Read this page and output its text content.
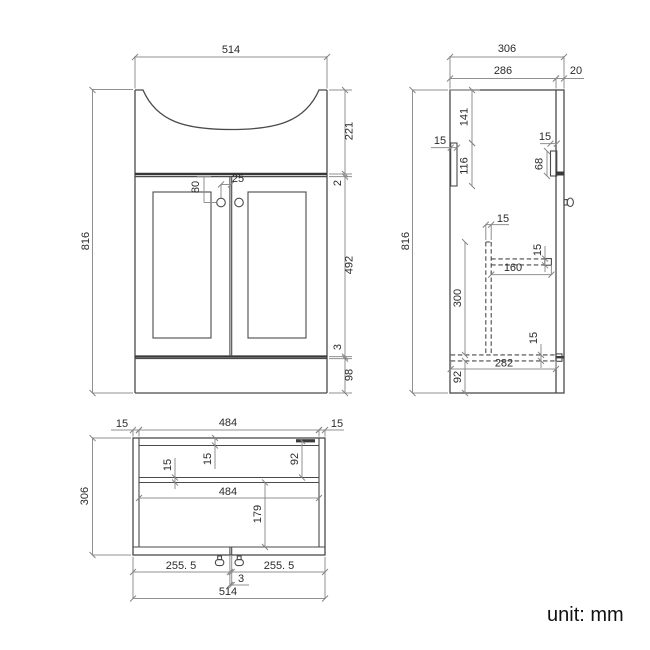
514
816
221
2
492
3
98
80
25
306
286	20
816
141
15
116
15
68
15
300
15
160
15
282
92
15	484	15
306
15
15	92
484
179
255. 5	255. 5
3
514
unit: mm
